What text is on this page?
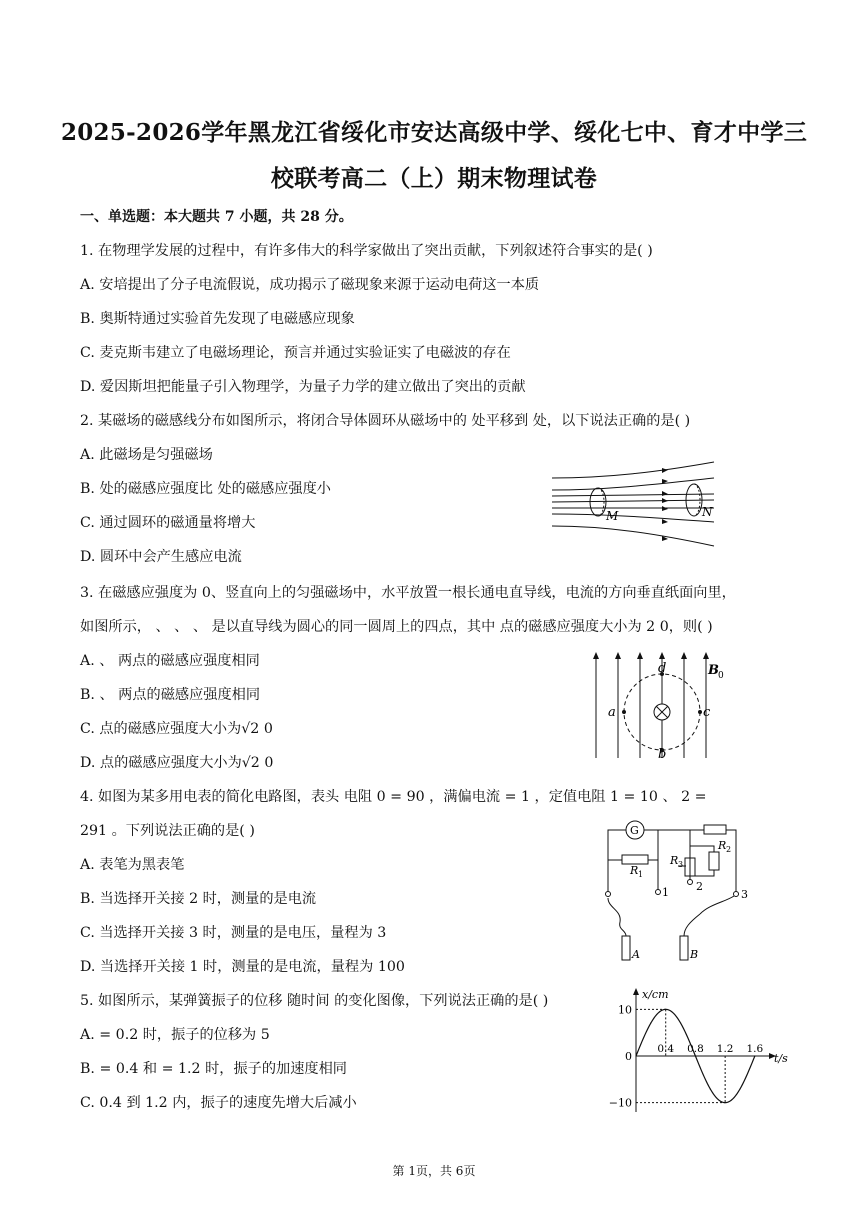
2025-2026学年黑龙江省绥化市安达高级中学、绥化七中、育才中学三
校联考高二（上）期末物理试卷
一、单选题：本大题共 7 小题，共 28 分。
1. 在物理学发展的过程中，有许多伟大的科学家做出了突出贡献，下列叙述符合事实的是( )
A. 安培提出了分子电流假说，成功揭示了磁现象来源于运动电荷这一本质
B. 奥斯特通过实验首先发现了电磁感应现象
C. 麦克斯韦建立了电磁场理论，预言并通过实验证实了电磁波的存在
D. 爱因斯坦把能量子引入物理学，为量子力学的建立做出了突出的贡献
2. 某磁场的磁感线分布如图所示，将闭合导体圆环从磁场中的 处平移到 处，以下说法正确的是( )
A. 此磁场是匀强磁场
B. 处的磁感应强度比 处的磁感应强度小
C. 通过圆环的磁通量将增大
D. 圆环中会产生感应电流
M	N
3. 在磁感应强度为 0、竖直向上的匀强磁场中，水平放置一根长通电直导线，电流的方向垂直纸面向里，
如图所示， 、 、 、 是以直导线为圆心的同一圆周上的四点，其中 点的磁感应强度大小为 2 0，则( )
A. 、 两点的磁感应强度相同
B. 、 两点的磁感应强度相同
C. 点的磁感应强度大小为√2 0
D. 点的磁感应强度大小为√2 0
a
b
c
d	B 0
4. 如图为某多用电表的简化电路图，表头 电阻 0 = 90 ，满偏电流 = 1 ，定值电阻 1 = 10 、 2 =
291 。下列说法正确的是( )
A. 表笔为黑表笔
B. 当选择开关接 2 时，测量的是电流
C. 当选择开关接 3 时，测量的是电压，量程为 3
D. 当选择开关接 1 时，测量的是电流，量程为 100
G
R 1
R 2
R 3
1 2
3
A	B
5. 如图所示，某弹簧振子的位移 随时间 的变化图像，下列说法正确的是( )
A. = 0.2 时，振子的位移为 5
B. = 0.4 和 = 1.2 时，振子的加速度相同
C. 0.4 到 1.2 内，振子的速度先增大后减小
x/cm
t/s
10
0
−10
0.4 0.8 1.2 1.6
第 1页，共 6页
